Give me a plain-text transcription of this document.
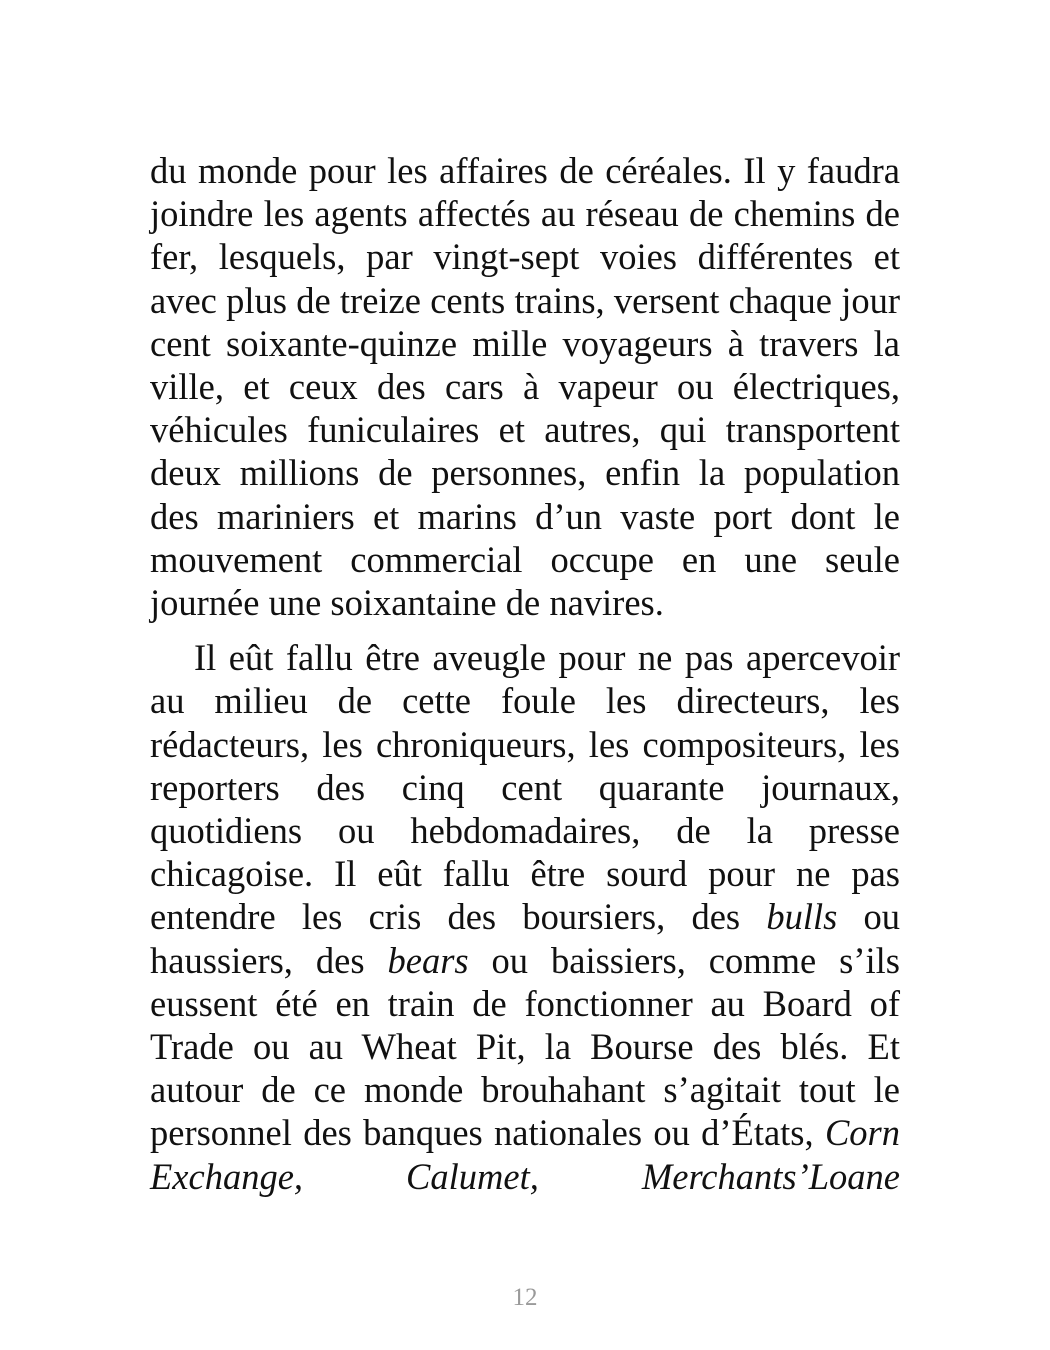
du monde pour les affaires de céréales. Il y faudra joindre les agents affectés au réseau de chemins de fer, lesquels, par vingt-sept voies différentes et avec plus de treize cents trains, versent chaque jour cent soixante-quinze mille voyageurs à travers la ville, et ceux des cars à vapeur ou électriques, véhicules funiculaires et autres, qui transportent deux millions de personnes, enfin la population des mariniers et marins d’un vaste port dont le mouvement commercial occupe en une seule journée une soixantaine de navires.

Il eût fallu être aveugle pour ne pas apercevoir au milieu de cette foule les directeurs, les rédacteurs, les chroniqueurs, les compositeurs, les reporters des cinq cent quarante journaux, quotidiens ou hebdomadaires, de la presse chicagoise. Il eût fallu être sourd pour ne pas entendre les cris des boursiers, des bulls ou haussiers, des bears ou baissiers, comme s’ils eussent été en train de fonctionner au Board of Trade ou au Wheat Pit, la Bourse des blés. Et autour de ce monde brouhahant s’agitait tout le personnel des banques nationales ou d’États, Corn Exchange, Calumet, Merchants’Loane

12
